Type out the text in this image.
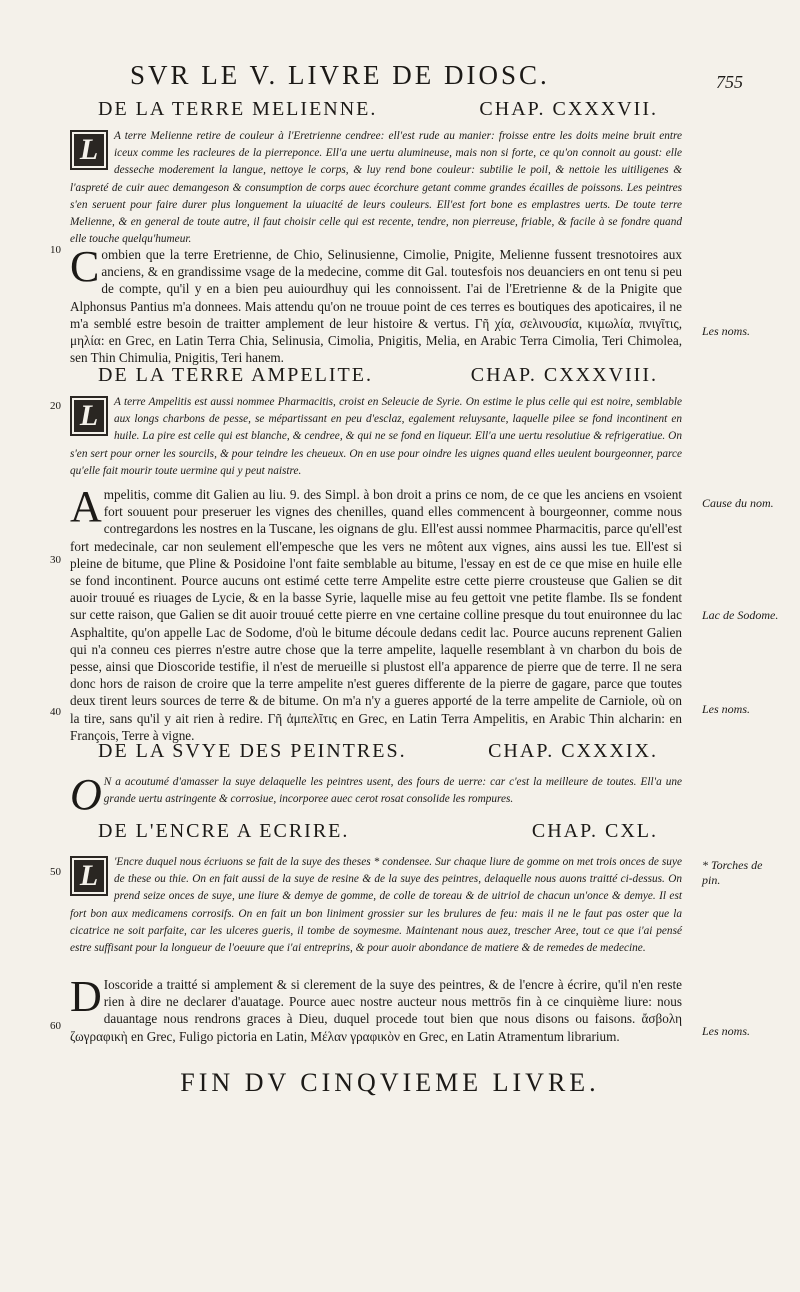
SVR LE V. LIVRE DE DIOSC.	755
DE LA TERRE MELIENNE.	CHAP. CXXXVII.
L	A terre Melienne retire de couleur à l'Eretrienne cendree: ell'est rude au manier: froisse entre les doits meine bruit entre iceux comme les racleures de la pierreponce. Ell'a une uertu alumineuse, mais non si forte, ce qu'on connoit au goust: elle desseche moderement la langue, nettoye le corps, & luy rend bone couleur: subtilie le poil, & nettoie les uitiligenes & l'aspreté de cuir auec demangeson & consumption de corps auec écorchure getant comme grandes écailles de poissons. Les peintres s'en seruent pour faire durer plus longuement la uiuacité de leurs couleurs. Ell'est fort bone es emplastres uerts. De toute terre Melienne, & en general de toute autre, il faut choisir celle qui est recente, tendre, non pierreuse, friable, & facile à se fondre quand elle touche quelqu'humeur.
C ombien que la terre Eretrienne, de Chio, Selinusienne, Cimolie, Pnigite, Melienne fussent tresnotoires aux anciens, & en grandissime vsage de la medecine, comme dit Gal. toutesfois nos deuanciers en ont tenu si peu de compte, qu'il y en a bien peu auiourdhuy qui les connoissent. I'ai de l'Eretrienne & de la Pnigite que Alphonsus Pantius m'a donnees. Mais attendu qu'on ne trouue point de ces terres es boutiques des apoticaires, il ne m'a semblé estre besoin de traitter amplement de leur histoire & vertus. Γῆ χία, σελινουσία, κιμωλία, πνιγῖτις, μηλία: en Grec, en Latin Terra Chia, Selinusia, Cimolia, Pnigitis, Melia, en Arabic Terra Cimolia, Teri Chimolea, sen Thin Chimulia, Pnigitis, Teri hanem.
DE LA TERRE AMPELITE.	CHAP. CXXXVIII.
L	A terre Ampelitis est aussi nommee Pharmacitis, croist en Seleucie de Syrie. On estime le plus celle qui est noire, semblable aux longs charbons de pesse, se mépartissant en peu d'esclaz, egalement reluysante, laquelle pilee se fond incontinent en huile. La pire est celle qui est blanche, & cendree, & qui ne se fond en liqueur. Ell'a une uertu resolutiue & refrigeratiue. On s'en sert pour orner les sourcils, & pour teindre les cheueux. On en use pour oindre les uignes quand elles ueulent bourgeonner, parce qu'elle fait mourir toute uermine qui y peut naistre.
A mpelitis, comme dit Galien au liu. 9. des Simpl. à bon droit a prins ce nom, de ce que les anciens en vsoient fort souuent pour preseruer les vignes des chenilles, quand elles commencent à bourgeonner, comme nous contregardons les nostres en la Tuscane, les oignans de glu. Ell'est aussi nommee Pharmacitis, parce qu'ell'est fort medecinale, car non seulement ell'empesche que les vers ne môtent aux vignes, ains aussi les tue. Ell'est si pleine de bitume, que Pline & Posidoine l'ont faite semblable au bitume, l'essay en est de ce que mise en huile elle se fond incontinent. Pource aucuns ont estimé cette terre Ampelite estre cette pierre crousteuse que Galien se dit auoir trouué es riuages de Lycie, & en la basse Syrie, laquelle mise au feu gettoit vne petite flambe. Ils se fondent sur cette raison, que Galien se dit auoir trouué cette pierre en vne certaine colline presque du tout enuironnee du lac Asphaltite, qu'on appelle Lac de Sodome, d'où le bitume découle dedans cedit lac. Pource aucuns reprenent Galien qui n'a conneu ces pierres n'estre autre chose que la terre ampelite, laquelle resemblant à vn charbon du bois de pesse, ainsi que Dioscoride testifie, il n'est de merueille si plustost ell'a apparence de pierre que de terre. Il ne sera donc hors de raison de croire que la terre ampelite n'est gueres differente de la pierre de gagare, parce que toutes deux tirent leurs sources de terre & de bitume. On m'a n'y a gueres apporté de la terre ampelite de Carniole, où on la tire, sans qu'il y ait rien à redire. Γῆ ἀμπελῖτις en Grec, en Latin Terra Ampelitis, en Arabic Thin alcharin: en François, Terre à vigne.
DE LA SVYE DES PEINTRES.	CHAP. CXXXIX.
O N a acoutumé d'amasser la suye delaquelle les peintres usent, des fours de uerre: car c'est la meilleure de toutes. Ell'a une grande uertu astringente & corrosiue, incorporee auec cerot rosat consolide les rompures.
DE L'ENCRE A ECRIRE.	CHAP. CXL.
L	'Encre duquel nous écriuons se fait de la suye des theses * condensee. Sur chaque liure de gomme on met trois onces de suye de these ou thie. On en fait aussi de la suye de resine & de la suye des peintres, delaquelle nous auons traitté ci-dessus. On prend seize onces de suye, une liure & demye de gomme, de colle de toreau & de uitriol de chacun un'once & demye. Il est fort bon aux medicamens corrosifs. On en fait un bon liniment grossier sur les brulures de feu: mais il ne le faut pas oster que la cicatrice ne soit parfaite, car les ulceres gueris, il tombe de soymesme. Maintenant nous auez, trescher Aree, tout ce que i'ai pensé estre suffisant pour la longueur de l'oeuure que i'ai entreprins, & pour auoir abondance de matiere & de remedes de medecine.
D Ioscoride a traitté si amplement & si clerement de la suye des peintres, & de l'encre à écrire, qu'il n'en reste rien à dire ne declarer d'auatage. Pource auec nostre aucteur nous mettrōs fin à ce cinquième liure: nous dauantage nous rendrons graces à Dieu, duquel procede tout bien que nous disons ou faisons. ἄσβολη ζωγραφικὴ en Grec, Fuligo pictoria en Latin, Μέλαν γραφικὸν en Grec, en Latin Atramentum librarium.
10
20
30
40
50
60
Les noms.
Cause du nom.
Lac de Sodome.
Les noms.
* Torches de pin.
Les noms.
FIN DV CINQVIEME LIVRE.
